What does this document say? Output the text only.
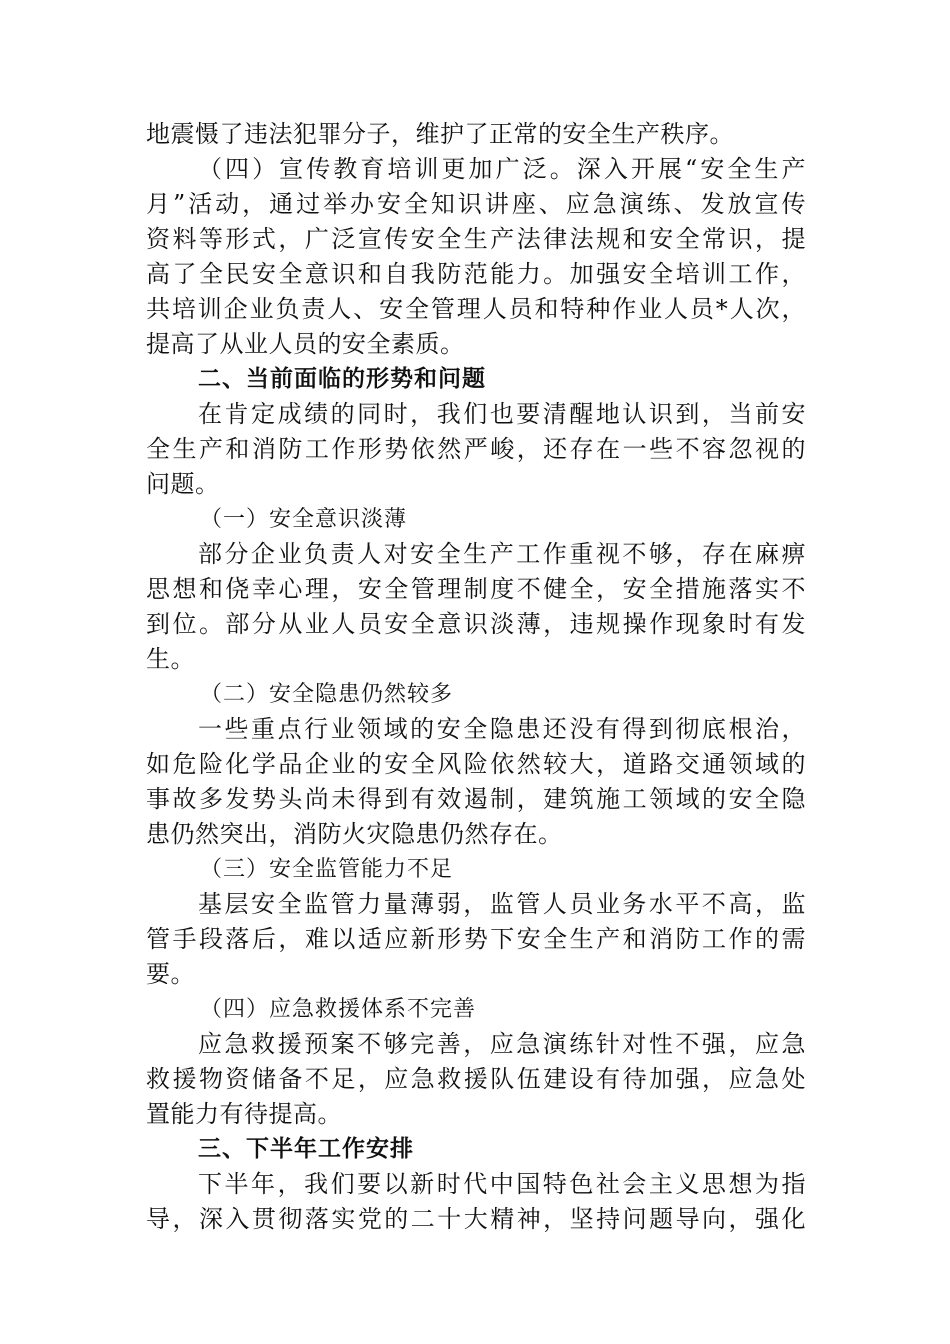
地震慑了违法犯罪分子，维护了正常的安全生产秩序。
（四）宣传教育培训更加广泛。深入开展“安全生产
月”活动，通过举办安全知识讲座、应急演练、发放宣传
资料等形式，广泛宣传安全生产法律法规和安全常识，提
高了全民安全意识和自我防范能力。加强安全培训工作，
共培训企业负责人、安全管理人员和特种作业人员*人次，
提高了从业人员的安全素质。
二、当前面临的形势和问题
在肯定成绩的同时，我们也要清醒地认识到，当前安
全生产和消防工作形势依然严峻，还存在一些不容忽视的
问题。
（一）安全意识淡薄
部分企业负责人对安全生产工作重视不够，存在麻痹
思想和侥幸心理，安全管理制度不健全，安全措施落实不
到位。部分从业人员安全意识淡薄，违规操作现象时有发
生。
（二）安全隐患仍然较多
一些重点行业领域的安全隐患还没有得到彻底根治，
如危险化学品企业的安全风险依然较大，道路交通领域的
事故多发势头尚未得到有效遏制，建筑施工领域的安全隐
患仍然突出，消防火灾隐患仍然存在。
（三）安全监管能力不足
基层安全监管力量薄弱，监管人员业务水平不高，监
管手段落后，难以适应新形势下安全生产和消防工作的需
要。
（四）应急救援体系不完善
应急救援预案不够完善，应急演练针对性不强，应急
救援物资储备不足，应急救援队伍建设有待加强，应急处
置能力有待提高。
三、下半年工作安排
下半年，我们要以新时代中国特色社会主义思想为指
导，深入贯彻落实党的二十大精神，坚持问题导向，强化
